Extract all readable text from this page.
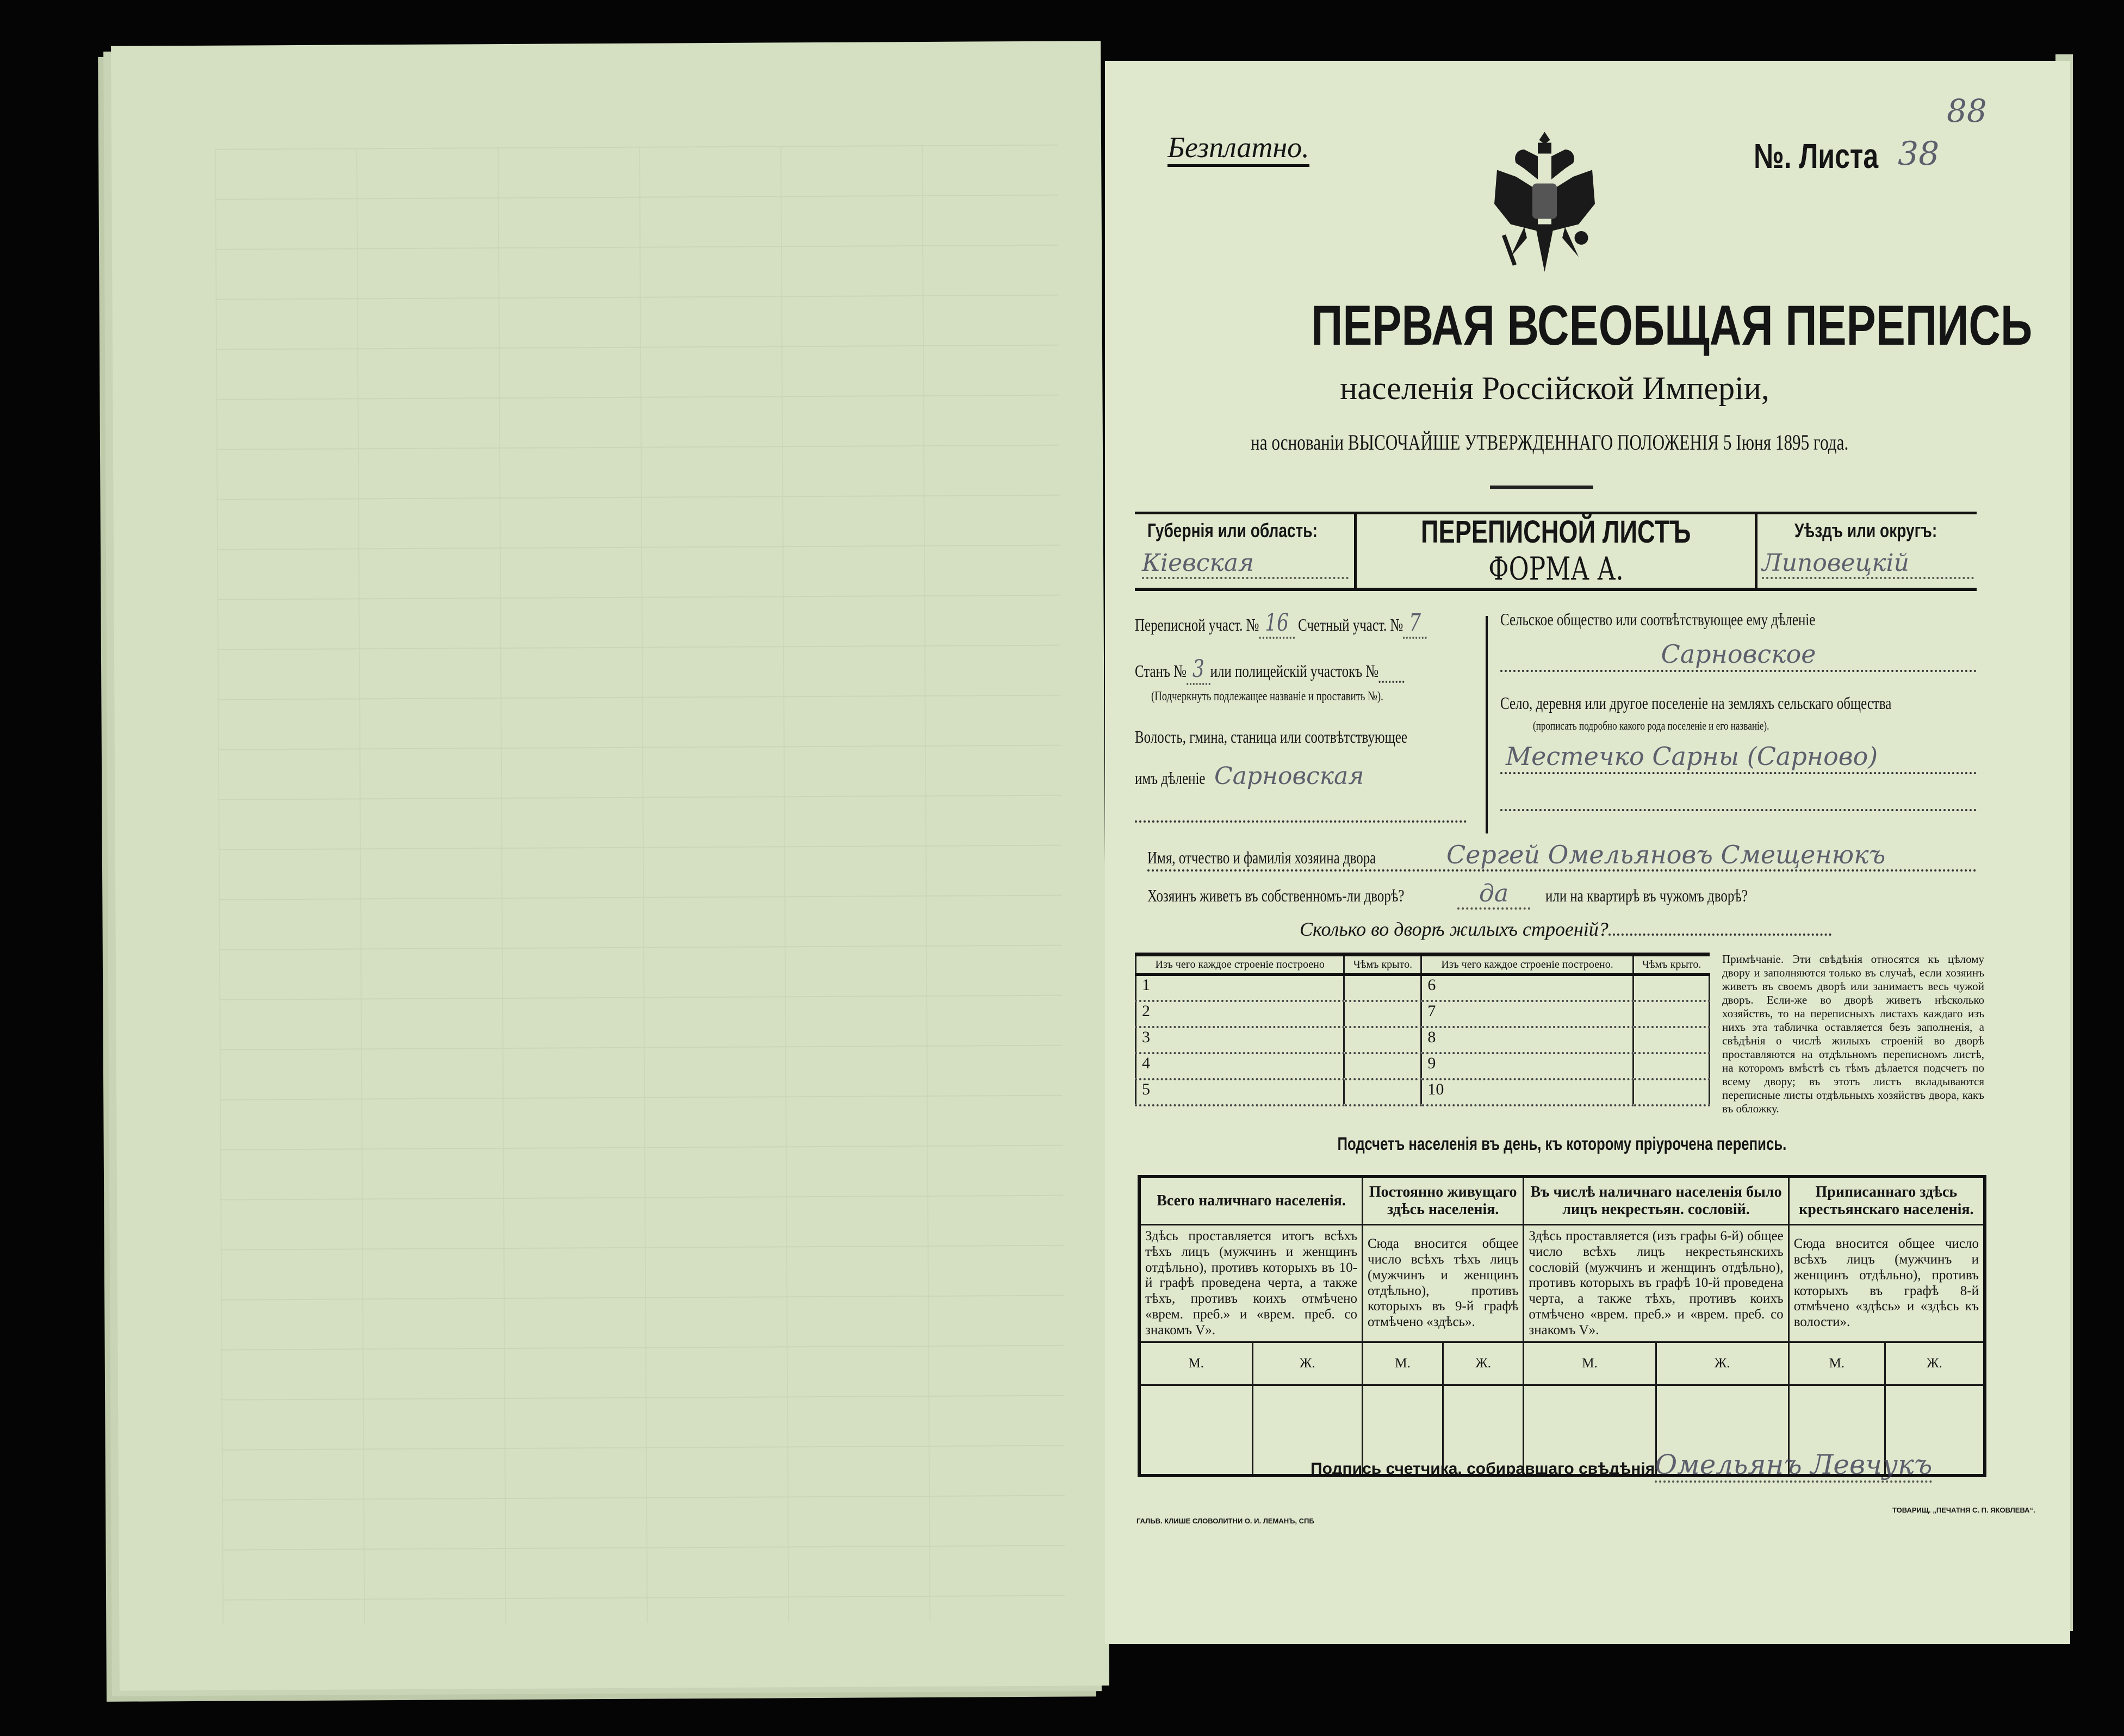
Безплатно.	№. Листа 38
88
ПЕРВАЯ ВСЕОБЩАЯ ПЕРЕПИСЬ
населенія Россійской Имперіи,
на основаніи ВЫСОЧАЙШЕ УТВЕРЖДЕННАГО ПОЛОЖЕНІЯ 5 Іюня 1895 года.
Губернія или область:
Кіевская
ПЕРЕПИСНОЙ ЛИСТЪ
ФОРМА А.
Уѣздъ или округъ:
Липовецкій
Переписной участ. № 16 Счетный участ. № 7 Станъ № 3 или полицейскій участокъ № (Подчеркнуть подлежащее названіе и проставить №). Волость, гмина, станица или соотвѣтствующее
имъ дѣленіе Сарновская
Сельское общество или соотвѣтствующее ему дѣленіе
Сарновское
Село, деревня или другое поселеніе на земляхъ сельскаго общества (прописать подробно какого рода поселеніе и его названіе).
Местечко Сарны (Сарново)
Имя, отчество и фамилія хозяина двора	Сергей Омельяновъ Смещенюкъ
Хозяинъ живетъ въ собственномъ-ли дворѣ?	да или на квартирѣ въ чужомъ дворѣ?
Сколько во дворѣ жилыхъ строеній?
Изъ чего каждое строеніе построено	Чѣмъ крыто.	Изъ чего каждое строеніе построено.	Чѣмъ крыто.
1		6	
2		7	
3		8	
4		9	
5		10	
Примѣчаніе. Эти свѣдѣнія относятся къ цѣлому двору и заполняются только въ случаѣ, если хозяинъ живетъ въ своемъ дворѣ или занимаетъ весь чужой дворъ. Если-же во дворѣ живетъ нѣсколько хозяйствъ, то на переписныхъ листахъ каждаго изъ нихъ эта табличка оставляется безъ заполненія, а свѣдѣнія о числѣ жилыхъ строеній во дворѣ проставляются на отдѣльномъ переписномъ листѣ, на которомъ вмѣстѣ съ тѣмъ дѣлается подсчетъ по всему двору; въ этотъ листъ вкладываются переписные листы отдѣльныхъ хозяйствъ двора, какъ въ обложку.
Подсчетъ населенія въ день, къ которому пріурочена перепись.
Всего наличнаго населенія.		Постоянно живущаго здѣсь населенія.		Въ числѣ наличнаго населенія было лицъ некрестьян. сословій.		Приписаннаго здѣсь крестьянскаго населенія.	
Здѣсь проставляется итогъ всѣхъ тѣхъ лицъ (мужчинъ и женщинъ отдѣльно), противъ которыхъ въ 10-й графѣ проведена черта, а также тѣхъ, противъ коихъ отмѣчено «врем. преб.» и «врем. преб. со знакомъ V».		Сюда вносится общее число всѣхъ тѣхъ лицъ (мужчинъ и женщинъ отдѣльно), противъ которыхъ въ 9-й графѣ отмѣчено «здѣсь».		Здѣсь проставляется (изъ графы 6-й) общее число всѣхъ лицъ некрестьянскихъ сословій (мужчинъ и женщинъ отдѣльно), противъ которыхъ въ графѣ 10-й проведена черта, а также тѣхъ, противъ коихъ отмѣчено «врем. преб.» и «врем. преб. со знакомъ V».		Сюда вносится общее число всѣхъ лицъ (мужчинъ и женщинъ отдѣльно), противъ которыхъ въ графѣ 8-й отмѣчено «здѣсь» и «здѣсь къ волости».	
М.	Ж.	М.	Ж.	М.	Ж.	М.	Ж.

Подпись счетчика, собиравшаго свѣдѣніяОмельянъ Левчукъ
ГАЛЬВ. КЛИШЕ СЛОВОЛИТНИ О. И. ЛЕМАНЪ, СПБ
ТОВАРИЩ. „ПЕЧАТНЯ С. П. ЯКОВЛЕВА“.
